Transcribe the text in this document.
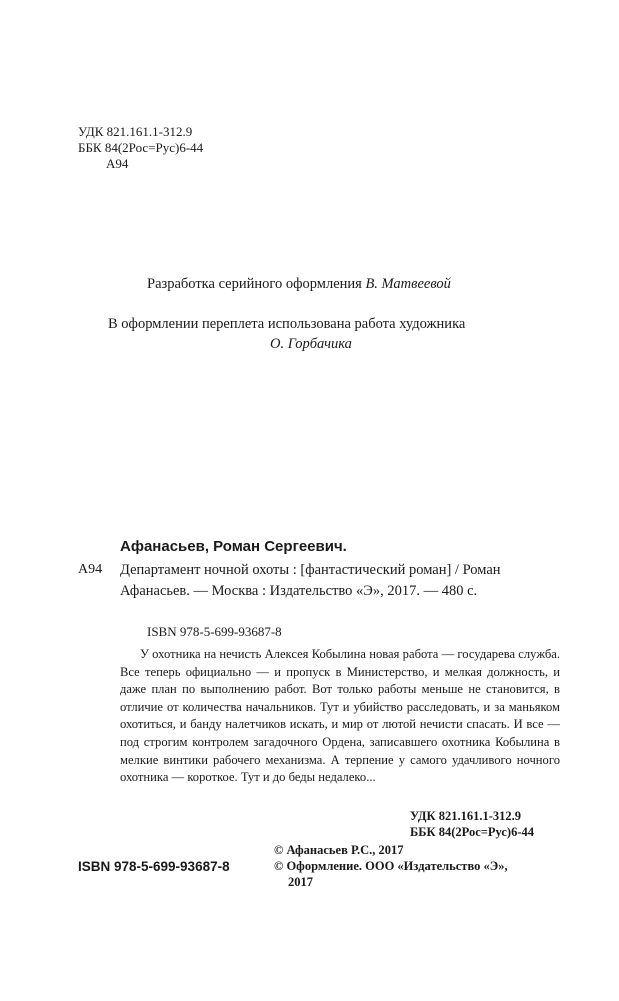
УДК 821.161.1-312.9
ББК 84(2Рос=Рус)6-44
А94
Разработка серийного оформления В. Матвеевой
В оформлении переплета использована работа художника
О. Горбачика
Афанасьев, Роман Сергеевич.
А94 Департамент ночной охоты : [фантастический роман] / Роман Афанасьев. — Москва : Издательство «Э», 2017. — 480 с.
ISBN 978-5-699-93687-8

У охотника на нечисть Алексея Кобылина новая работа — государева служба. Все теперь официально — и пропуск в Министерство, и мелкая должность, и даже план по выполнению работ. Вот только работы меньше не становится, в отличие от количества начальников. Тут и убийство расследовать, и за маньяком охотиться, и банду налетчиков искать, и мир от лютой нечисти спасать. И все — под строгим контролем загадочного Ордена, записавшего охотника Кобылина в мелкие винтики рабочего механизма. А терпение у самого удачливого ночного охотника — короткое. Тут и до беды недалеко...

УДК 821.161.1-312.9
ББК 84(2Рос=Рус)6-44
© Афанасьев Р.С., 2017
© Оформление. ООО «Издательство «Э»,
2017
ISBN 978-5-699-93687-8
